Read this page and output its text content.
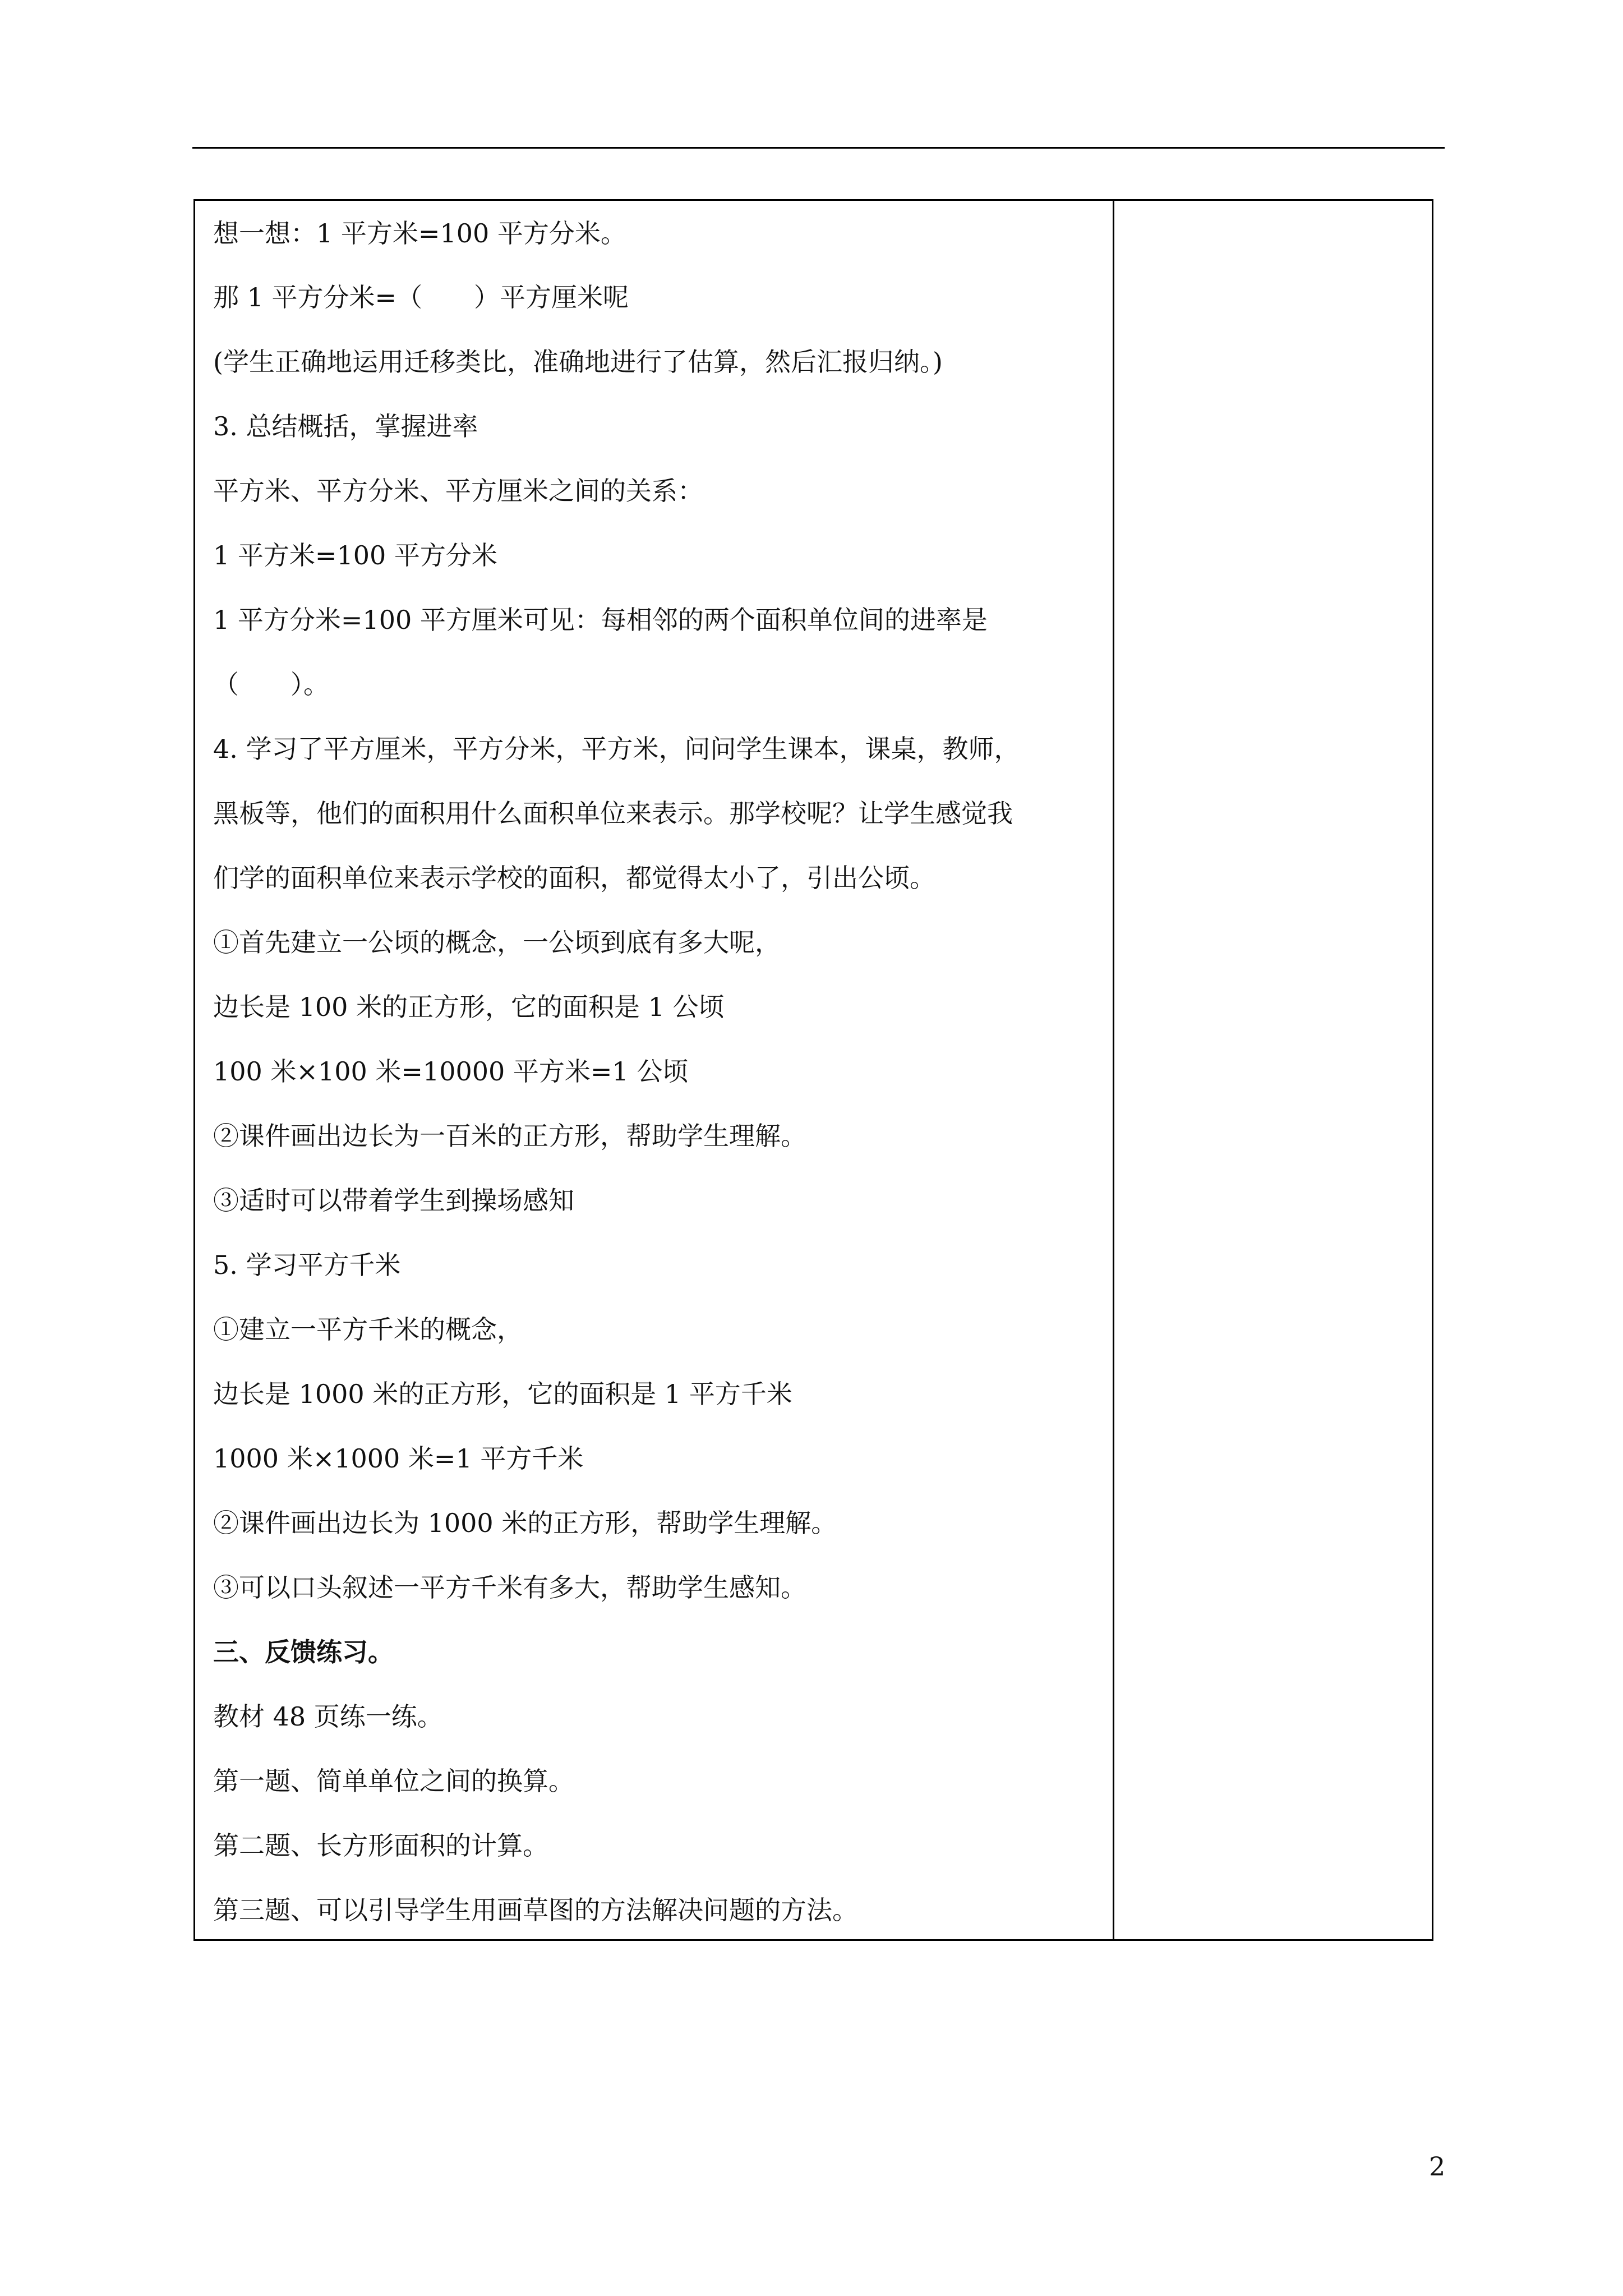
想一想：1 平方米=100 平方分米。
那 1 平方分米=（　　）平方厘米呢
(学生正确地运用迁移类比，准确地进行了估算，然后汇报归纳。)
3. 总结概括，掌握进率
平方米、平方分米、平方厘米之间的关系：
1 平方米=100 平方分米
1 平方分米=100 平方厘米可见：每相邻的两个面积单位间的进率是
（　　）。
4. 学习了平方厘米，平方分米，平方米，问问学生课本，课桌，教师，
黑板等，他们的面积用什么面积单位来表示。那学校呢？让学生感觉我
们学的面积单位来表示学校的面积，都觉得太小了，引出公顷。
①首先建立一公顷的概念，一公顷到底有多大呢，
边长是 100 米的正方形，它的面积是 1 公顷
100 米×100 米=10000 平方米=1 公顷
②课件画出边长为一百米的正方形，帮助学生理解。
③适时可以带着学生到操场感知
5. 学习平方千米
①建立一平方千米的概念，
边长是 1000 米的正方形，它的面积是 1 平方千米
1000 米×1000 米=1 平方千米
②课件画出边长为 1000 米的正方形，帮助学生理解。
③可以口头叙述一平方千米有多大，帮助学生感知。
三、反馈练习。
教材 48 页练一练。
第一题、简单单位之间的换算。
第二题、长方形面积的计算。
第三题、可以引导学生用画草图的方法解决问题的方法。
2
